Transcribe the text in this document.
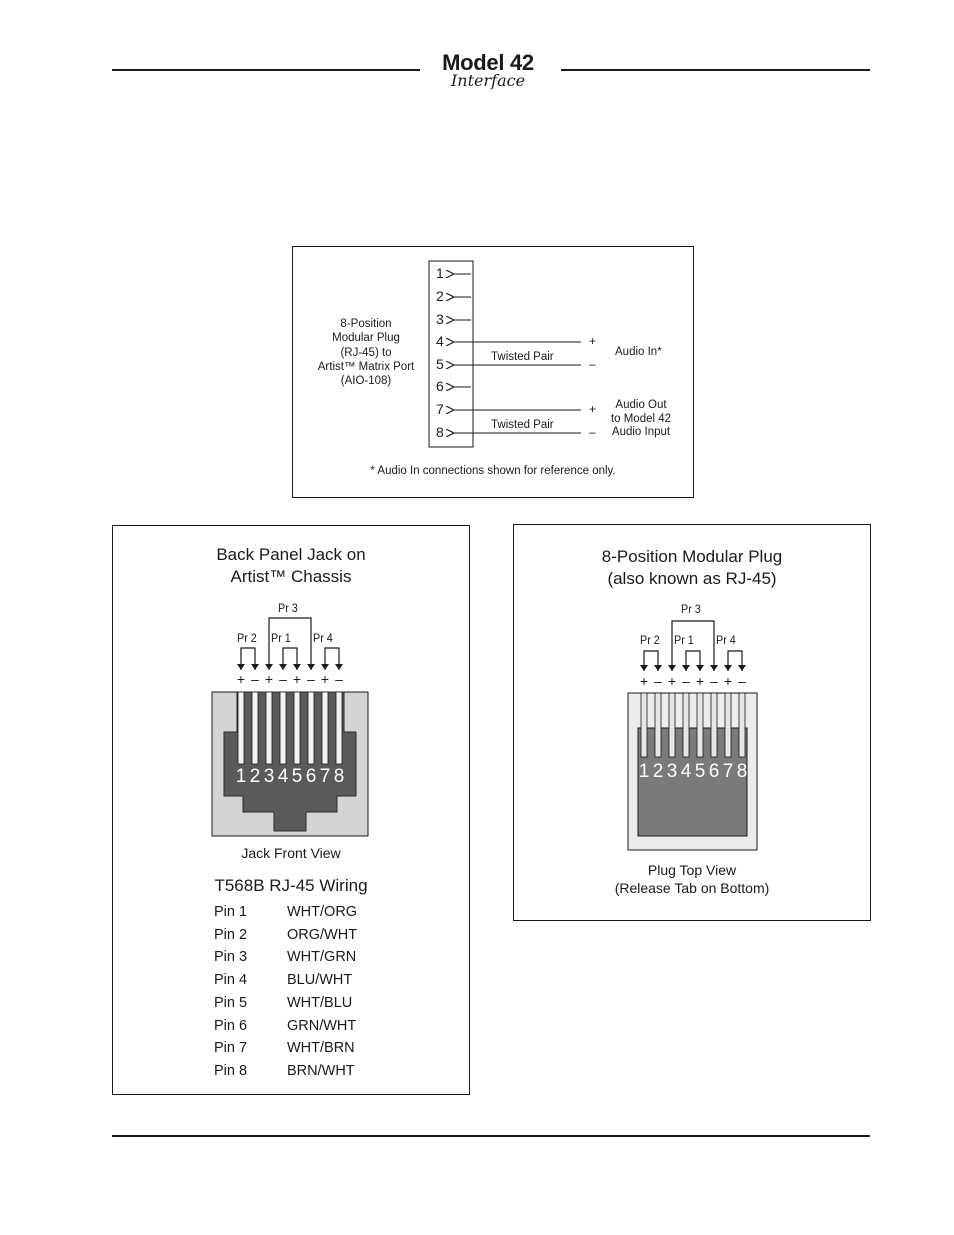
Model 42
Interface
8-Position
Modular Plug
(RJ-45) to
Artist™ Matrix Port
(AIO-108)
Twisted Pair
Twisted Pair
+
–
+
–
Audio In*
Audio Out
to Model 42
Audio Input
* Audio In connections shown for reference only.
1
2
3
4
5
6
7
8
Back Panel Jack on
Artist™ Chassis
Jack Front View
T568B RJ-45 Wiring
+
1
–
2
+
3
–
4
+
5
–
6
+
7
–
8
Pr 2 Pr 1 Pr 4
Pr 3
Pin 1	WHT/ORG
Pin 2	ORG/WHT
Pin 3	WHT/GRN
Pin 4	BLU/WHT
Pin 5	WHT/BLU
Pin 6	GRN/WHT
Pin 7	WHT/BRN
Pin 8	BRN/WHT
8-Position Modular Plug
(also known as RJ-45)
Plug Top View
(Release Tab on Bottom)
+
1
–
2
+
3
–
4
+
5
–
6
+
7
–
8
Pr 2 Pr 1 Pr 4
Pr 3
